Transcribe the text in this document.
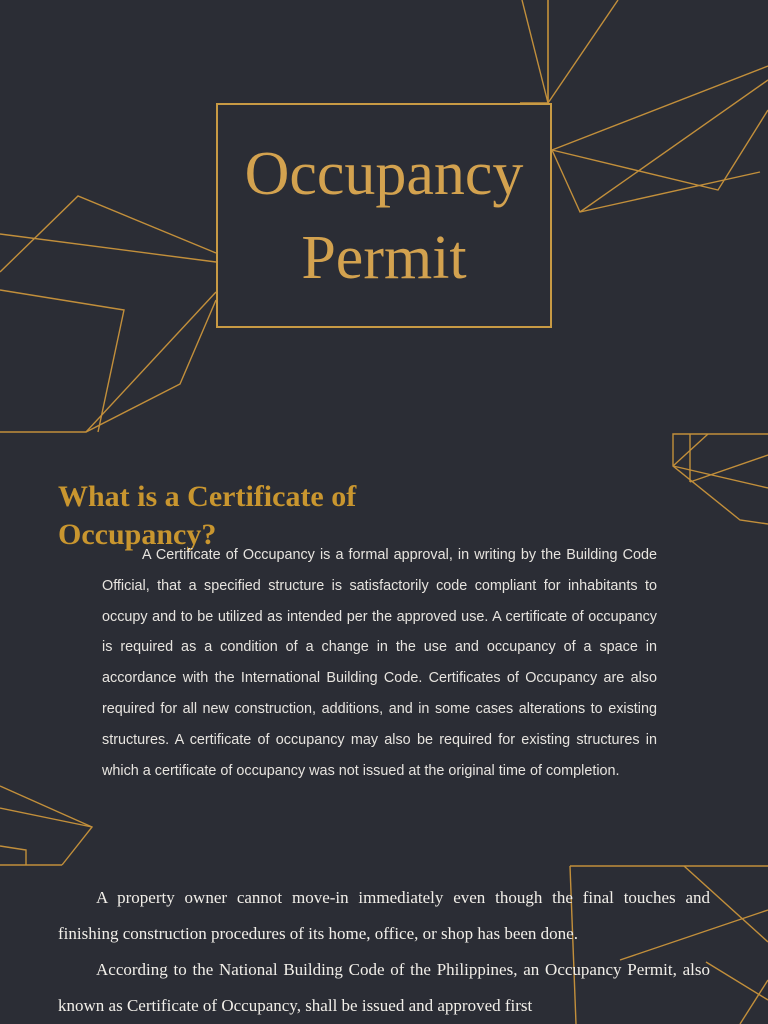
Occupancy Permit
What is a Certificate of Occupancy?
A Certificate of Occupancy is a formal approval, in writing by the Building Code Official, that a specified structure is satisfactorily code compliant for inhabitants to occupy and to be utilized as intended per the approved use. A certificate of occupancy is required as a condition of a change in the use and occupancy of a space in accordance with the International Building Code. Certificates of Occupancy are also required for all new construction, additions, and in some cases alterations to existing structures. A certificate of occupancy may also be required for existing structures in which a certificate of occupancy was not issued at the original time of completion.
A property owner cannot move-in immediately even though the final touches and finishing construction procedures of its home, office, or shop has been done.
According to the National Building Code of the Philippines, an Occupancy Permit, also known as Certificate of Occupancy, shall be issued and approved first
